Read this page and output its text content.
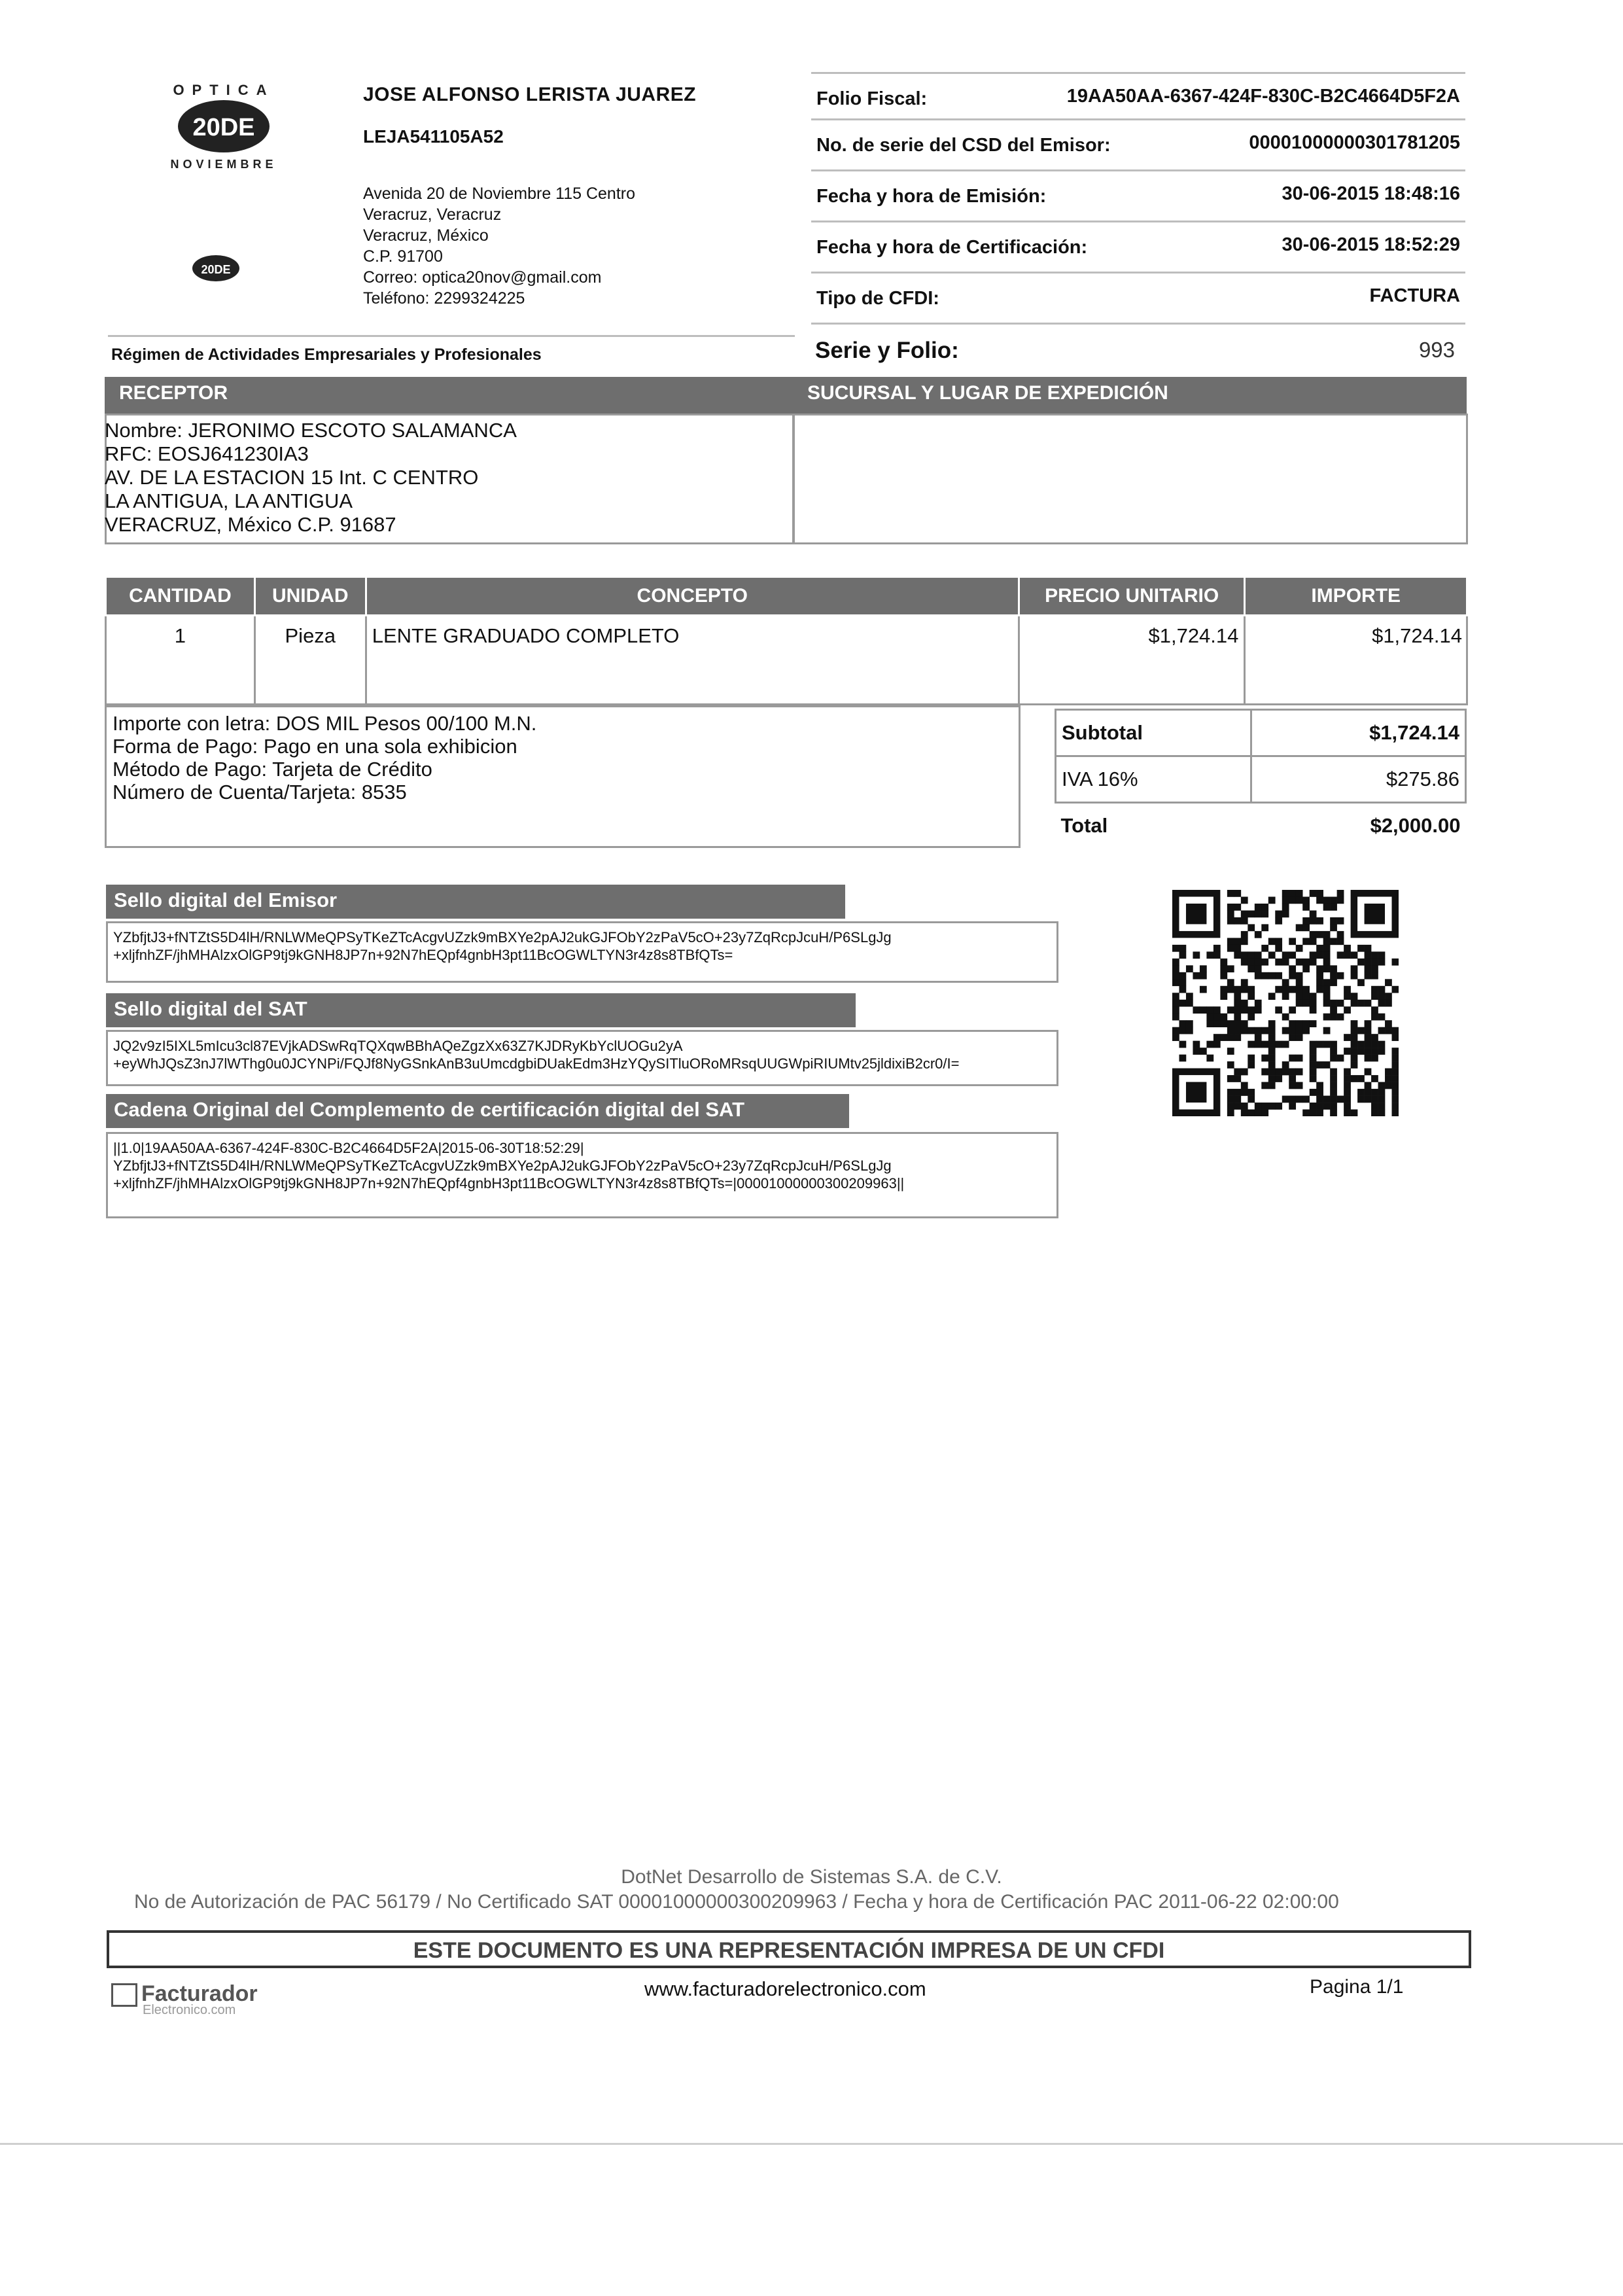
20DE
OPTICA
NOVIEMBRE
20DE
JOSE ALFONSO LERISTA JUAREZ
LEJA541105A52
Avenida 20 de Noviembre 115 Centro
Veracruz, Veracruz
Veracruz, México
C.P. 91700
Correo: optica20nov@gmail.com
Teléfono: 2299324225
Régimen de Actividades Empresariales y Profesionales
Folio Fiscal:	19AA50AA-6367-424F-830C-B2C4664D5F2A
No. de serie del CSD del Emisor:	00001000000301781205
Fecha y hora de Emisión:	30-06-2015 18:48:16
Fecha y hora de Certificación:	30-06-2015 18:52:29
Tipo de CFDI:	FACTURA
Serie y Folio:	993
RECEPTOR	SUCURSAL Y LUGAR DE EXPEDICIÓN
Nombre: JERONIMO ESCOTO SALAMANCA
RFC: EOSJ641230IA3
AV. DE LA ESTACION 15 Int. C CENTRO
LA ANTIGUA, LA ANTIGUA
VERACRUZ, México C.P. 91687
CANTIDAD	UNIDAD	CONCEPTO	PRECIO UNITARIO	IMPORTE
1	Pieza	LENTE GRADUADO COMPLETO	$1,724.14	$1,724.14
Importe con letra: DOS MIL Pesos 00/100 M.N.
Forma de Pago: Pago en una sola exhibicion
Método de Pago: Tarjeta de Crédito
Número de Cuenta/Tarjeta: 8535
Subtotal	$1,724.14
IVA 16%	$275.86
Total	$2,000.00
Sello digital del Emisor
YZbfjtJ3+fNTZtS5D4lH/RNLWMeQPSyTKeZTcAcgvUZzk9mBXYe2pAJ2ukGJFObY2zPaV5cO+23y7ZqRcpJcuH/P6SLgJg
+xljfnhZF/jhMHAlzxOlGP9tj9kGNH8JP7n+92N7hEQpf4gnbH3pt11BcOGWLTYN3r4z8s8TBfQTs=
Sello digital del SAT
JQ2v9zI5IXL5mIcu3cl87EVjkADSwRqTQXqwBBhAQeZgzXx63Z7KJDRyKbYclUOGu2yA
+eyWhJQsZ3nJ7lWThg0u0JCYNPi/FQJf8NyGSnkAnB3uUmcdgbiDUakEdm3HzYQySITluORoMRsqUUGWpiRIUMtv25jldixiB2cr0/I=
Cadena Original del Complemento de certificación digital del SAT
||1.0|19AA50AA-6367-424F-830C-B2C4664D5F2A|2015-06-30T18:52:29|
YZbfjtJ3+fNTZtS5D4lH/RNLWMeQPSyTKeZTcAcgvUZzk9mBXYe2pAJ2ukGJFObY2zPaV5cO+23y7ZqRcpJcuH/P6SLgJg
+xljfnhZF/jhMHAlzxOlGP9tj9kGNH8JP7n+92N7hEQpf4gnbH3pt11BcOGWLTYN3r4z8s8TBfQTs=|00001000000300209963||
DotNet Desarrollo de Sistemas S.A. de C.V.
No de Autorización de PAC 56179 / No Certificado SAT 00001000000300209963 / Fecha y hora de Certificación PAC 2011-06-22 02:00:00
ESTE DOCUMENTO ES UNA REPRESENTACIÓN IMPRESA DE UN CFDI
Facturador
Electronico.com
www.facturadorelectronico.com	Pagina 1/1
